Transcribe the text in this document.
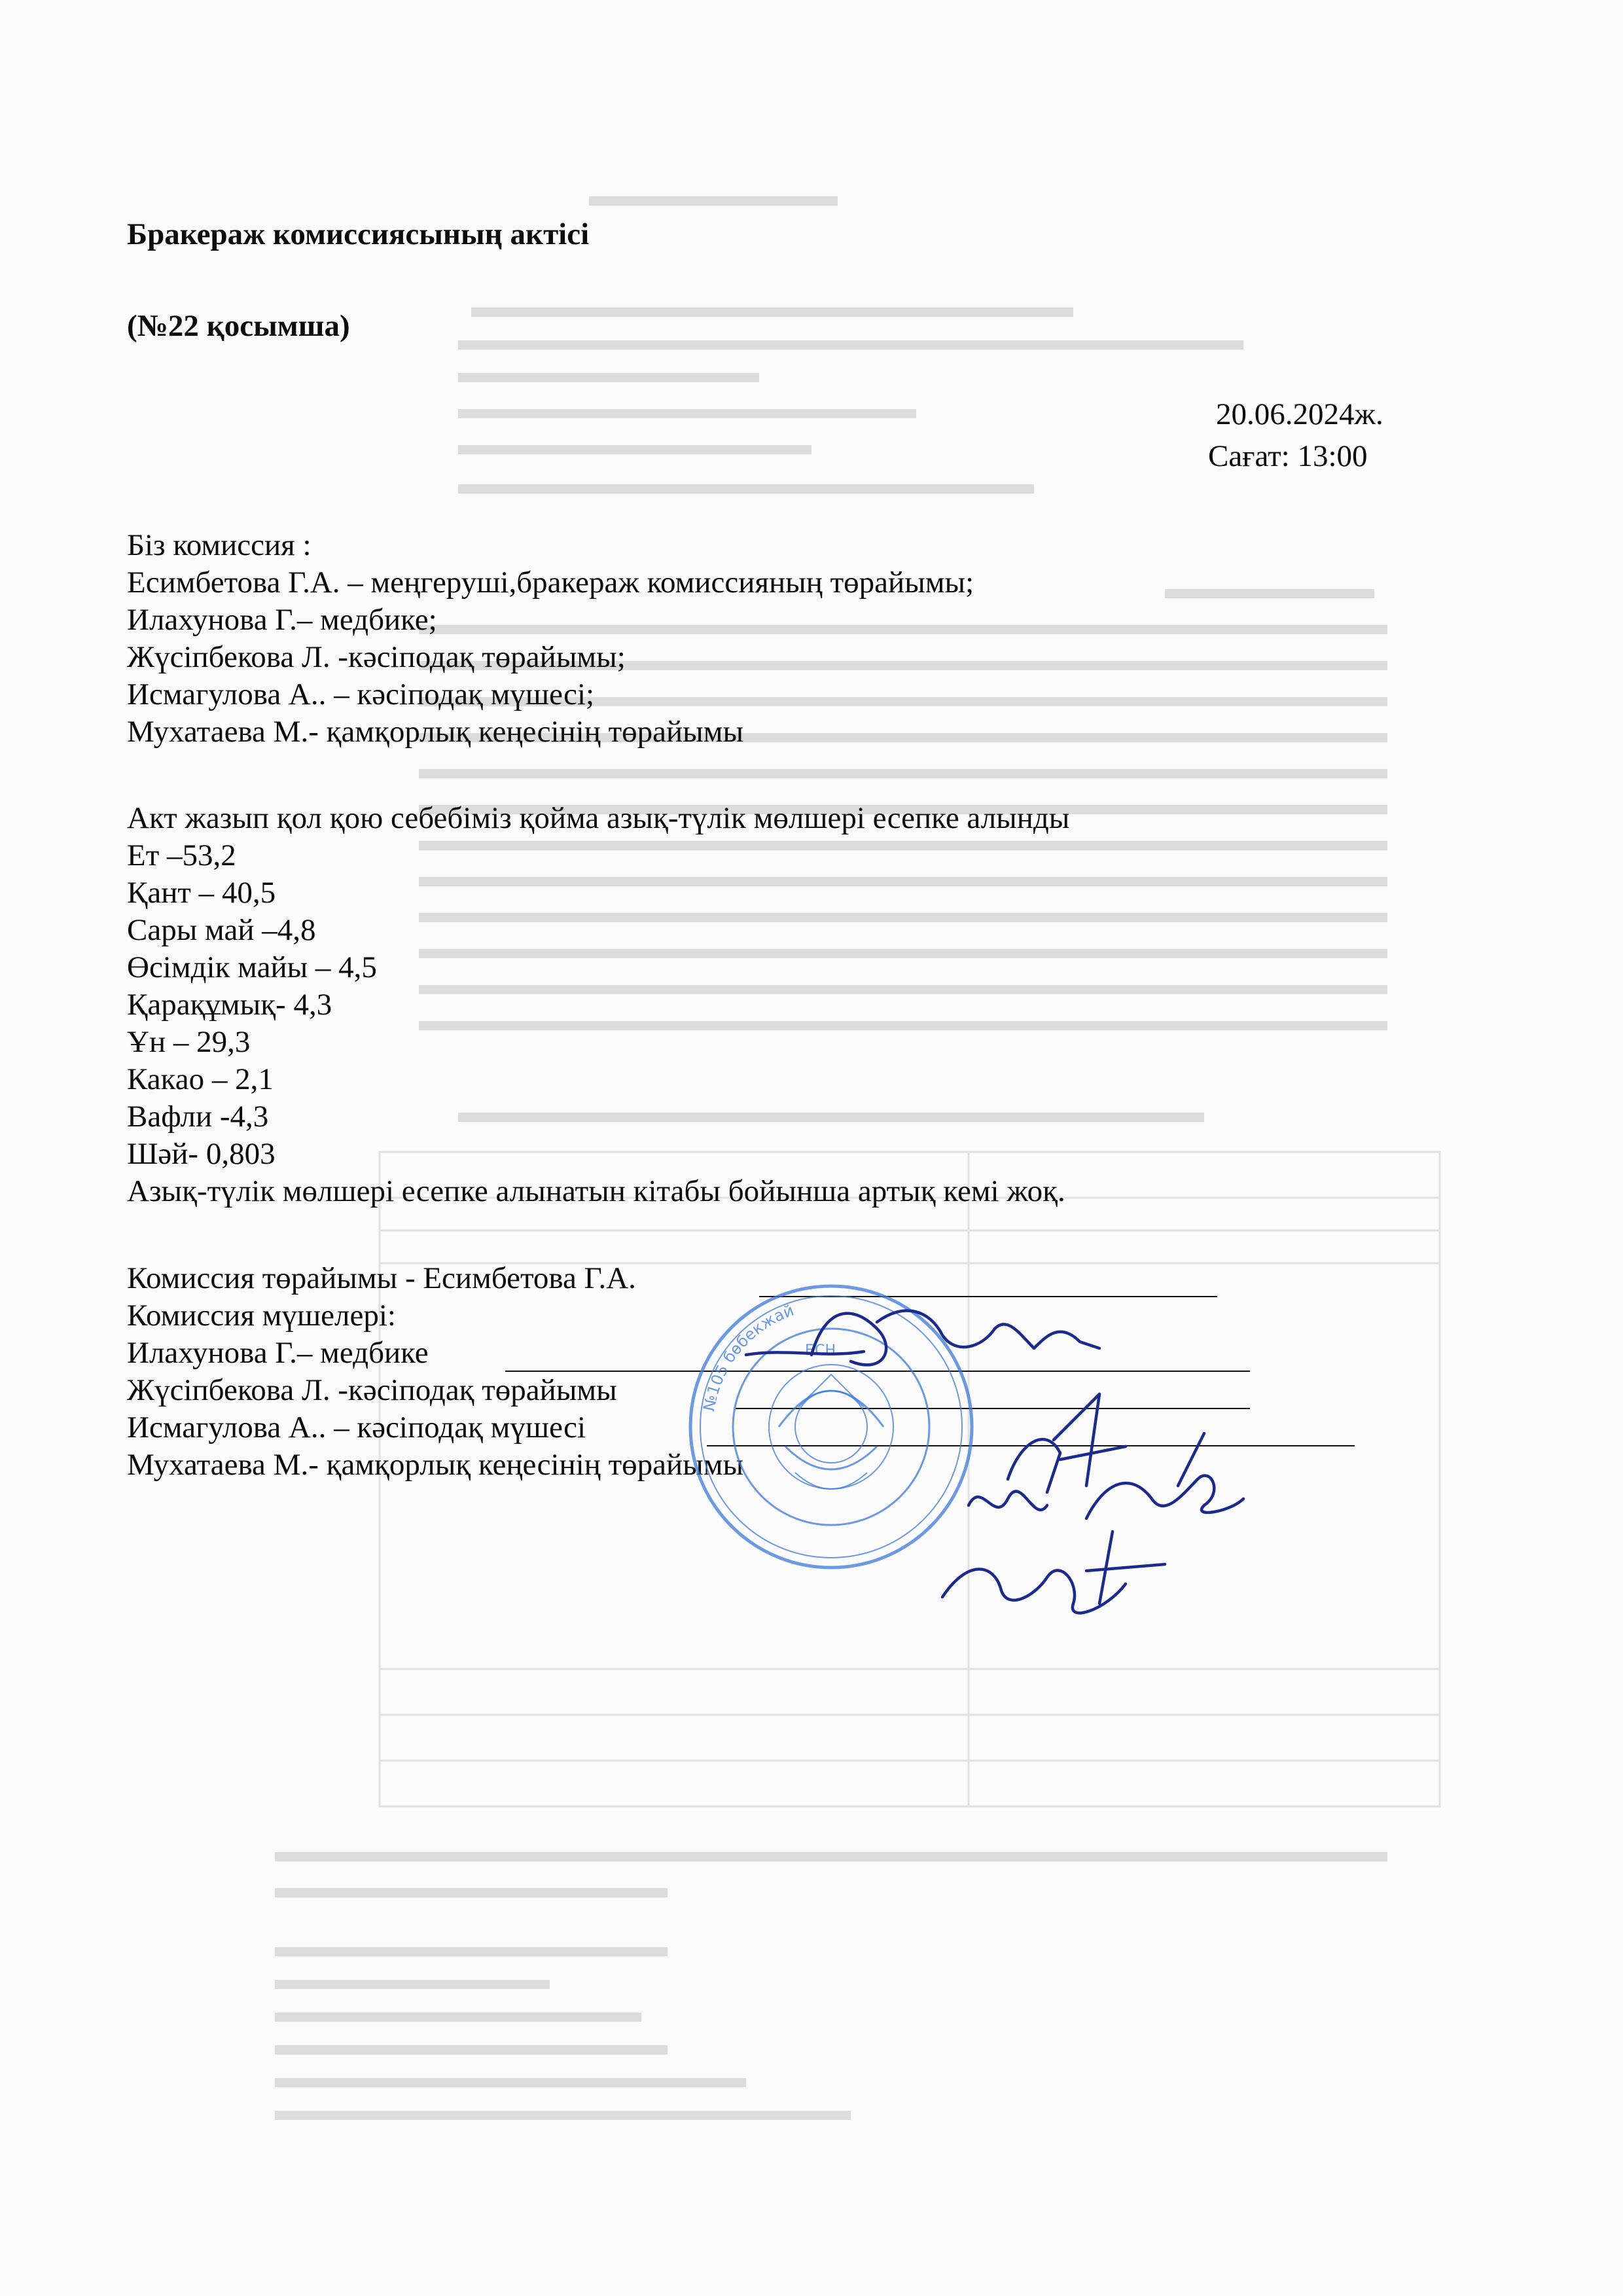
Бракераж комиссиясының актісі
(№22 қосымша)
20.06.2024ж.
Сағат: 13:00
Біз комиссия :
Есимбетова Г.А. – меңгеруші,бракераж комиссияның төрайымы;
Илахунова Г.– медбике;
Жүсіпбекова Л. -кәсіподақ төрайымы;
Исмагулова А.. – кәсіподақ мүшесі;
Мухатаева М.- қамқорлық кеңесінің төрайымы
Акт жазып қол қою себебіміз қойма азық-түлік мөлшері есепке алынды
Ет –53,2
Қант – 40,5
Сары май –4,8
Өсімдік майы – 4,5
Қарақұмық- 4,3
Ұн – 29,3
Какао – 2,1
Вафли -4,3
Шәй- 0,803
Азық-түлік мөлшері есепке алынатын кітабы бойынша артық кемі жоқ.
Комиссия төрайымы - Есимбетова Г.А.
Комиссия мүшелері:
Илахунова Г.– медбике
Жүсіпбекова Л. -кәсіподақ төрайымы
Исмагулова А.. – кәсіподақ мүшесі
Мухатаева М.- қамқорлық кеңесінің төрайымы
№105 бөбекжай
БСН
